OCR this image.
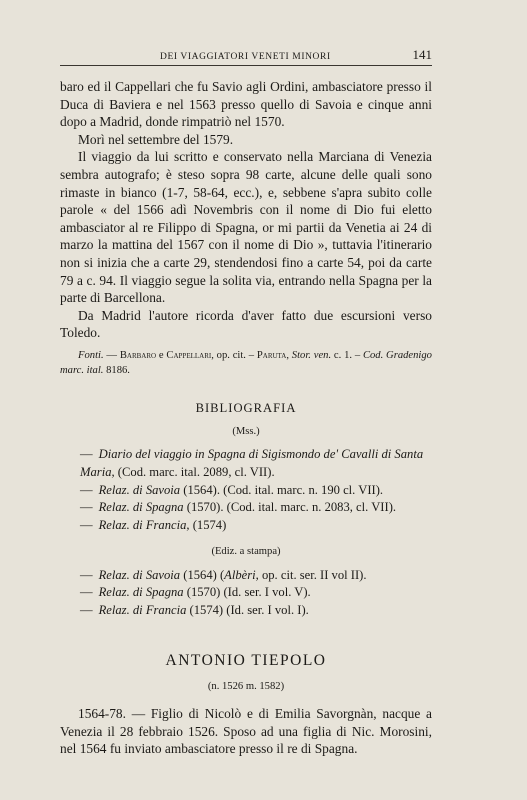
DEI VIAGGIATORI VENETI MINORI	141

baro ed il Cappellari che fu Savio agli Ordini, ambasciatore presso il Duca di Baviera e nel 1563 presso quello di Savoia e cinque anni dopo a Madrid, donde rimpatriò nel 1570.

Morì nel settembre del 1579.

Il viaggio da lui scritto e conservato nella Marciana di Venezia sembra autografo; è steso sopra 98 carte, alcune delle quali sono rimaste in bianco (1-7, 58-64, ecc.), e, sebbene s'apra subito colle parole « del 1566 adì Novembris con il nome di Dio fui eletto ambasciator al re Filippo di Spagna, or mi partii da Venetia ai 24 di marzo la mattina del 1567 con il nome di Dio », tuttavia l'itinerario non si inizia che a carte 29, stendendosi fino a carte 54, poi da carte 79 a c. 94. Il viaggio segue la solita via, entrando nella Spagna per la parte di Barcellona.

Da Madrid l'autore ricorda d'aver fatto due escursioni verso Toledo.

Fonti. — Barbaro e Cappellari, op. cit. – Paruta, Stor. ven. c. 1. – Cod. Gradenigo marc. ital. 8186.

BIBLIOGRAFIA

(Mss.)

— Diario del viaggio in Spagna di Sigismondo de' Cavalli di Santa Maria, (Cod. marc. ital. 2089, cl. VII).

— Relaz. di Savoia (1564). (Cod. ital. marc. n. 190 cl. VII).

— Relaz. di Spagna (1570). (Cod. ital. marc. n. 2083, cl. VII).

— Relaz. di Francia, (1574)

(Ediz. a stampa)

— Relaz. di Savoia (1564) (Albèri, op. cit. ser. II vol II).

— Relaz. di Spagna (1570) (Id. ser. I vol. V).

— Relaz. di Francia (1574) (Id. ser. I vol. I).

ANTONIO TIEPOLO

(n. 1526 m. 1582)

1564-78. — Figlio di Nicolò e di Emilia Savorgnàn, nacque a Venezia il 28 febbraio 1526. Sposo ad una figlia di Nic. Morosini, nel 1564 fu inviato ambasciatore presso il re di Spagna.
